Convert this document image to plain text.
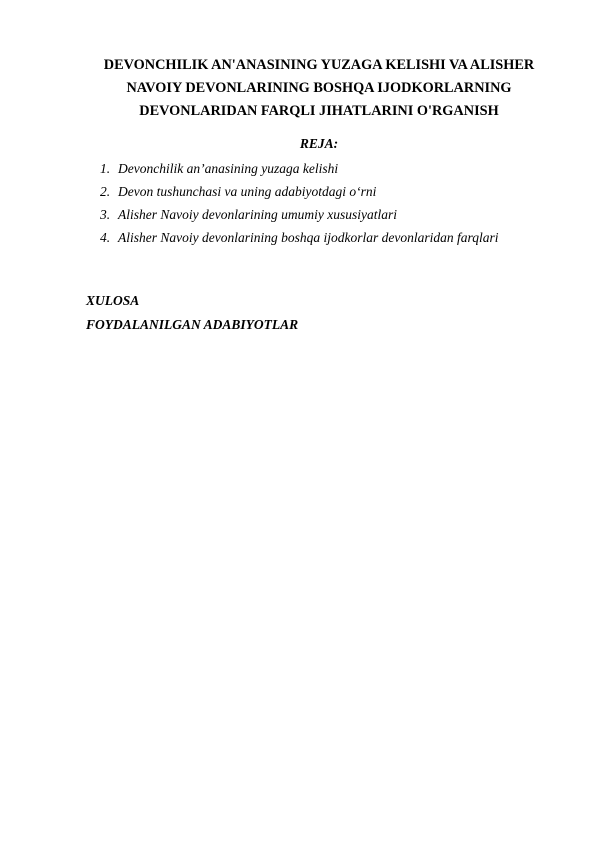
DEVONCHILIK AN'ANASINING YUZAGA KELISHI VA ALISHER
NAVOIY DEVONLARINING BOSHQA IJODKORLARNING
DEVONLARIDAN FARQLI JIHATLARINI O'RGANISH
REJA:
1. Devonchilik an’anasining yuzaga kelishi
2. Devon tushunchasi va uning adabiyotdagi o‘rni
3. Alisher Navoiy devonlarining umumiy xususiyatlari
4. Alisher Navoiy devonlarining boshqa ijodkorlar devonlaridan farqlari
XULOSA
FOYDALANILGAN ADABIYOTLAR
